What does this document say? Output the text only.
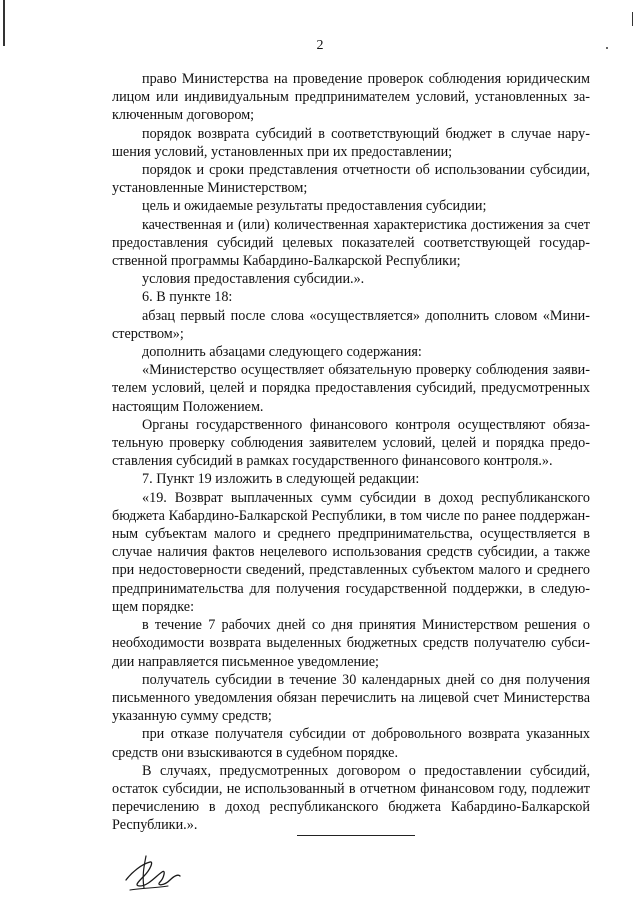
2

право Министерства на проведение проверок соблюдения юридическим лицом или индивидуальным предпринимателем условий, установленных заключенным договором;

порядок возврата субсидий в соответствующий бюджет в случае нарушения условий, установленных при их предоставлении;

порядок и сроки представления отчетности об использовании субсидии, установленные Министерством;

цель и ожидаемые результаты предоставления субсидии;

качественная и (или) количественная характеристика достижения за счет предоставления субсидий целевых показателей соответствующей государственной программы Кабардино-Балкарской Республики;

условия предоставления субсидии.».

6. В пункте 18:

абзац первый после слова «осуществляется» дополнить словом «Министерством»;

дополнить абзацами следующего содержания:

«Министерство осуществляет обязательную проверку соблюдения заявителем условий, целей и порядка предоставления субсидий, предусмотренных настоящим Положением.

Органы государственного финансового контроля осуществляют обязательную проверку соблюдения заявителем условий, целей и порядка предоставления субсидий в рамках государственного финансового контроля.».

7. Пункт 19 изложить в следующей редакции:

«19. Возврат выплаченных сумм субсидии в доход республиканского бюджета Кабардино-Балкарской Республики, в том числе по ранее поддержанным субъектам малого и среднего предпринимательства, осуществляется в случае наличия фактов нецелевого использования средств субсидии, а также при недостоверности сведений, представленных субъектом малого и среднего предпринимательства для получения государственной поддержки, в следующем порядке:

в течение 7 рабочих дней со дня принятия Министерством решения о необходимости возврата выделенных бюджетных средств получателю субсидии направляется письменное уведомление;

получатель субсидии в течение 30 календарных дней со дня получения письменного уведомления обязан перечислить на лицевой счет Министерства указанную сумму средств;

при отказе получателя субсидии от добровольного возврата указанных средств они взыскиваются в судебном порядке.

В случаях, предусмотренных договором о предоставлении субсидий, остаток субсидии, не использованный в отчетном финансовом году, подлежит перечислению в доход республиканского бюджета Кабардино-Балкарской Республики.».
